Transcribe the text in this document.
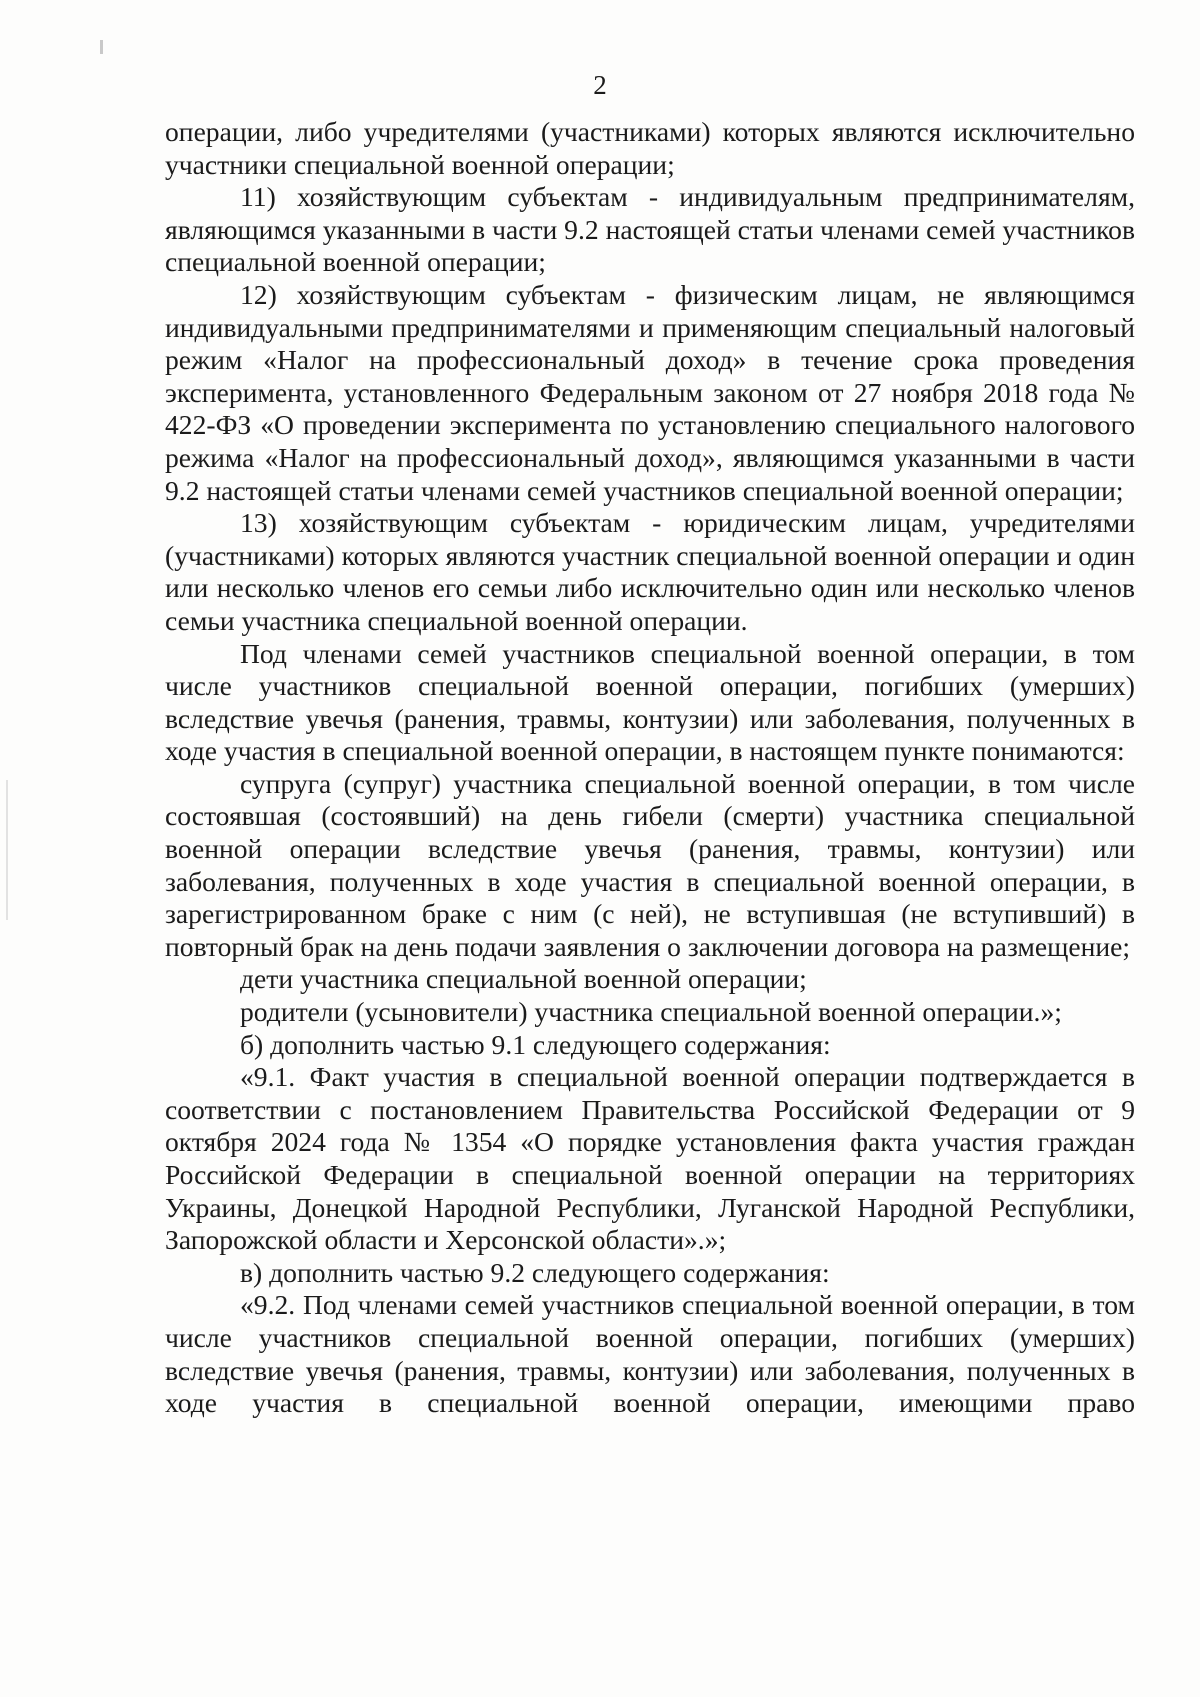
2

операции, либо учредителями (участниками) которых являются исключительно участники специальной военной операции;

11) хозяйствующим субъектам - индивидуальным предпринимателям, являющимся указанными в части 9.2 настоящей статьи членами семей участников специальной военной операции;

12) хозяйствующим субъектам - физическим лицам, не являющимся индивидуальными предпринимателями и применяющим специальный налоговый режим «Налог на профессиональный доход» в течение срока проведения эксперимента, установленного Федеральным законом от 27 ноября 2018 года № 422-ФЗ «О проведении эксперимента по установлению специального налогового режима «Налог на профессиональный доход», являющимся указанными в части 9.2 настоящей статьи членами семей участников специальной военной операции;

13) хозяйствующим субъектам - юридическим лицам, учредителями (участниками) которых являются участник специальной военной операции и один или несколько членов его семьи либо исключительно один или несколько членов семьи участника специальной военной операции.

Под членами семей участников специальной военной операции, в том числе участников специальной военной операции, погибших (умерших) вследствие увечья (ранения, травмы, контузии) или заболевания, полученных в ходе участия в специальной военной операции, в настоящем пункте понимаются:

супруга (супруг) участника специальной военной операции, в том числе состоявшая (состоявший) на день гибели (смерти) участника специальной военной операции вследствие увечья (ранения, травмы, контузии) или заболевания, полученных в ходе участия в специальной военной операции, в зарегистрированном браке с ним (с ней), не вступившая (не вступивший) в повторный брак на день подачи заявления о заключении договора на размещение;

дети участника специальной военной операции;

родители (усыновители) участника специальной военной операции.»;

б) дополнить частью 9.1 следующего содержания:

«9.1. Факт участия в специальной военной операции подтверждается в соответствии с постановлением Правительства Российской Федерации от 9 октября 2024 года № 1354 «О порядке установления факта участия граждан Российской Федерации в специальной военной операции на территориях Украины, Донецкой Народной Республики, Луганской Народной Республики, Запорожской области и Херсонской области».»;

в) дополнить частью 9.2 следующего содержания:

«9.2. Под членами семей участников специальной военной операции, в том числе участников специальной военной операции, погибших (умерших) вследствие увечья (ранения, травмы, контузии) или заболевания, полученных в ходе участия в специальной военной операции, имеющими право
